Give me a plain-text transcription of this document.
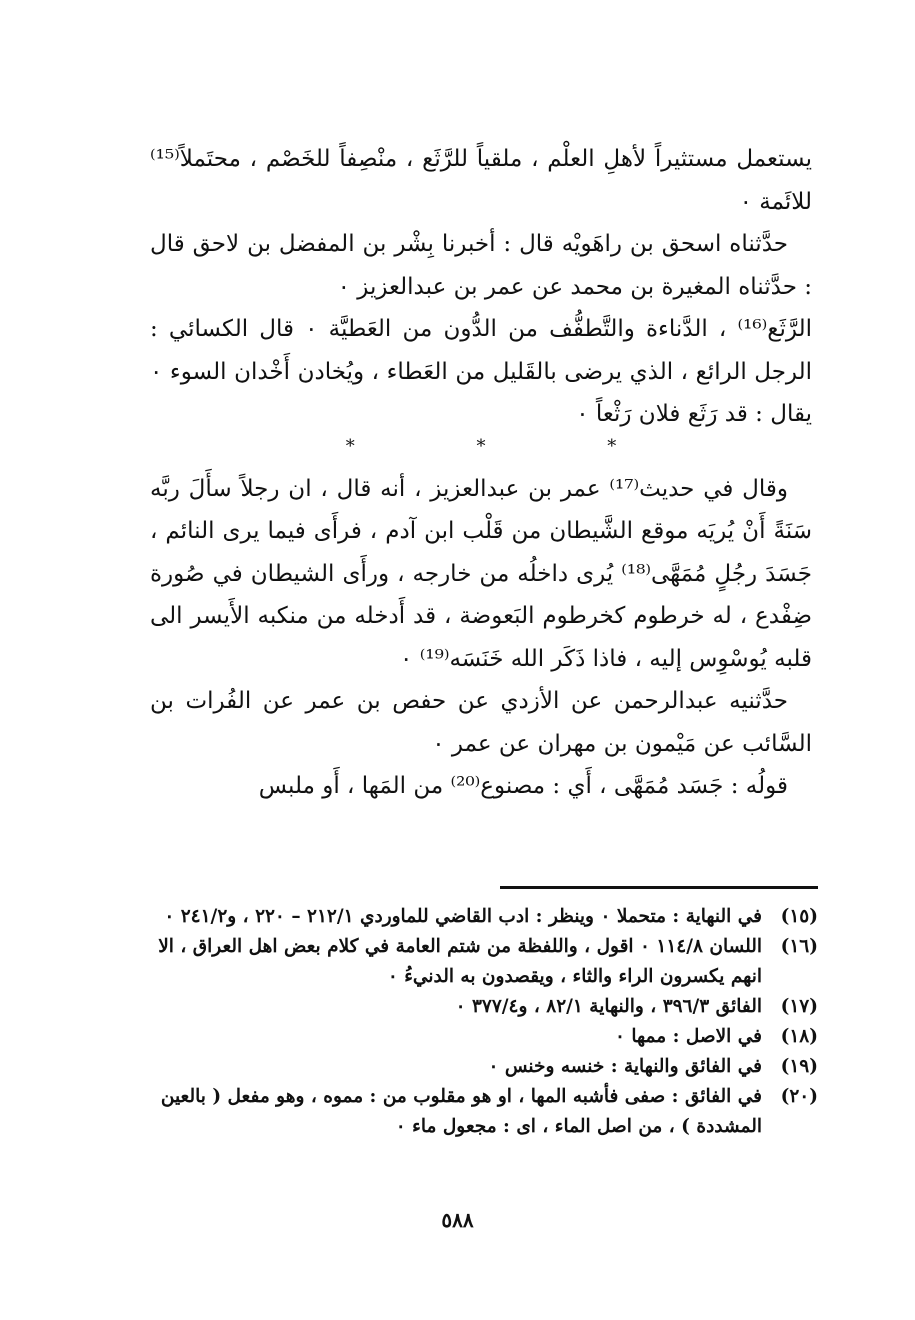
يستعمل مستثيراً لأهلِ العلْم ، ملقياً للرَّثَع ، منْصِفاً للخَصْم ، محتَملاً⁽¹⁵⁾ للائَمة ٠

حدَّثناه اسحق بن راهَويْه قال : أخبرنا بِشْر بن المفضل بن لاحق قال : حدَّثناه المغيرة بن محمد عن عمر بن عبدالعزيز ٠

الرَّثَع⁽¹⁶⁾ ، الدَّناءة والتَّطفُّف من الدُّون من العَطيَّة ٠ قال الكسائي : الرجل الرائع ، الذي يرضى بالقَليل من العَطاء ، ويُخادن أَخْدان السوء ٠ يقال : قد رَثَع فلان رَثْعاً ٠

* * *

وقال في حديث⁽¹⁷⁾ عمر بن عبدالعزيز ، أنه قال ، ان رجلاً سأَلَ ربَّه سَنَةً أَنْ يُريَه موقع الشَّيطان من قَلْب ابن آدم ، فرأَى فيما يرى النائم ، جَسَدَ رجُلٍ مُمَهَّى⁽¹⁸⁾ يُرى داخلُه من خارجه ، ورأَى الشيطان في صُورة ضِفْدع ، له خرطوم كخرطوم البَعوضة ، قد أَدخله من منكبه الأَيسر الى قلبه يُوسْوِس إليه ، فاذا ذَكَر الله خَنَسَه⁽¹⁹⁾ ٠

حدَّثنيه عبدالرحمن عن الأزدي عن حفص بن عمر عن الفُرات بن السَّائب عن مَيْمون بن مهران عن عمر ٠

قولُه : جَسَد مُمَهَّى ، أَي : مصنوع⁽²⁰⁾ من المَها ، أَو ملبس

(١٥)
في النهاية : متحملا ٠ وينظر : ادب القاضي للماوردي ٢١٢/١ – ٢٢٠ ، و٢٤١/٢ ٠
(١٦)
اللسان ١١٤/٨ ٠ اقول ، واللفظة من شتم العامة في كلام بعض اهل العراق ، الا انهم يكسرون الراء والثاء ، ويقصدون به الدنيءُ ٠
(١٧)
الفائق ٣٩٦/٣ ، والنهاية ٨٢/١ ، و٣٧٧/٤ ٠
(١٨)
في الاصل : ممها ٠
(١٩)
في الفائق والنهاية : خنسه وخنس ٠
(٢٠)
في الفائق : صفى فأشبه المها ، او هو مقلوب من : مموه ، وهو مفعل ( بالعين المشددة ) ، من اصل الماء ، اى : مجعول ماء ٠
٥٨٨
